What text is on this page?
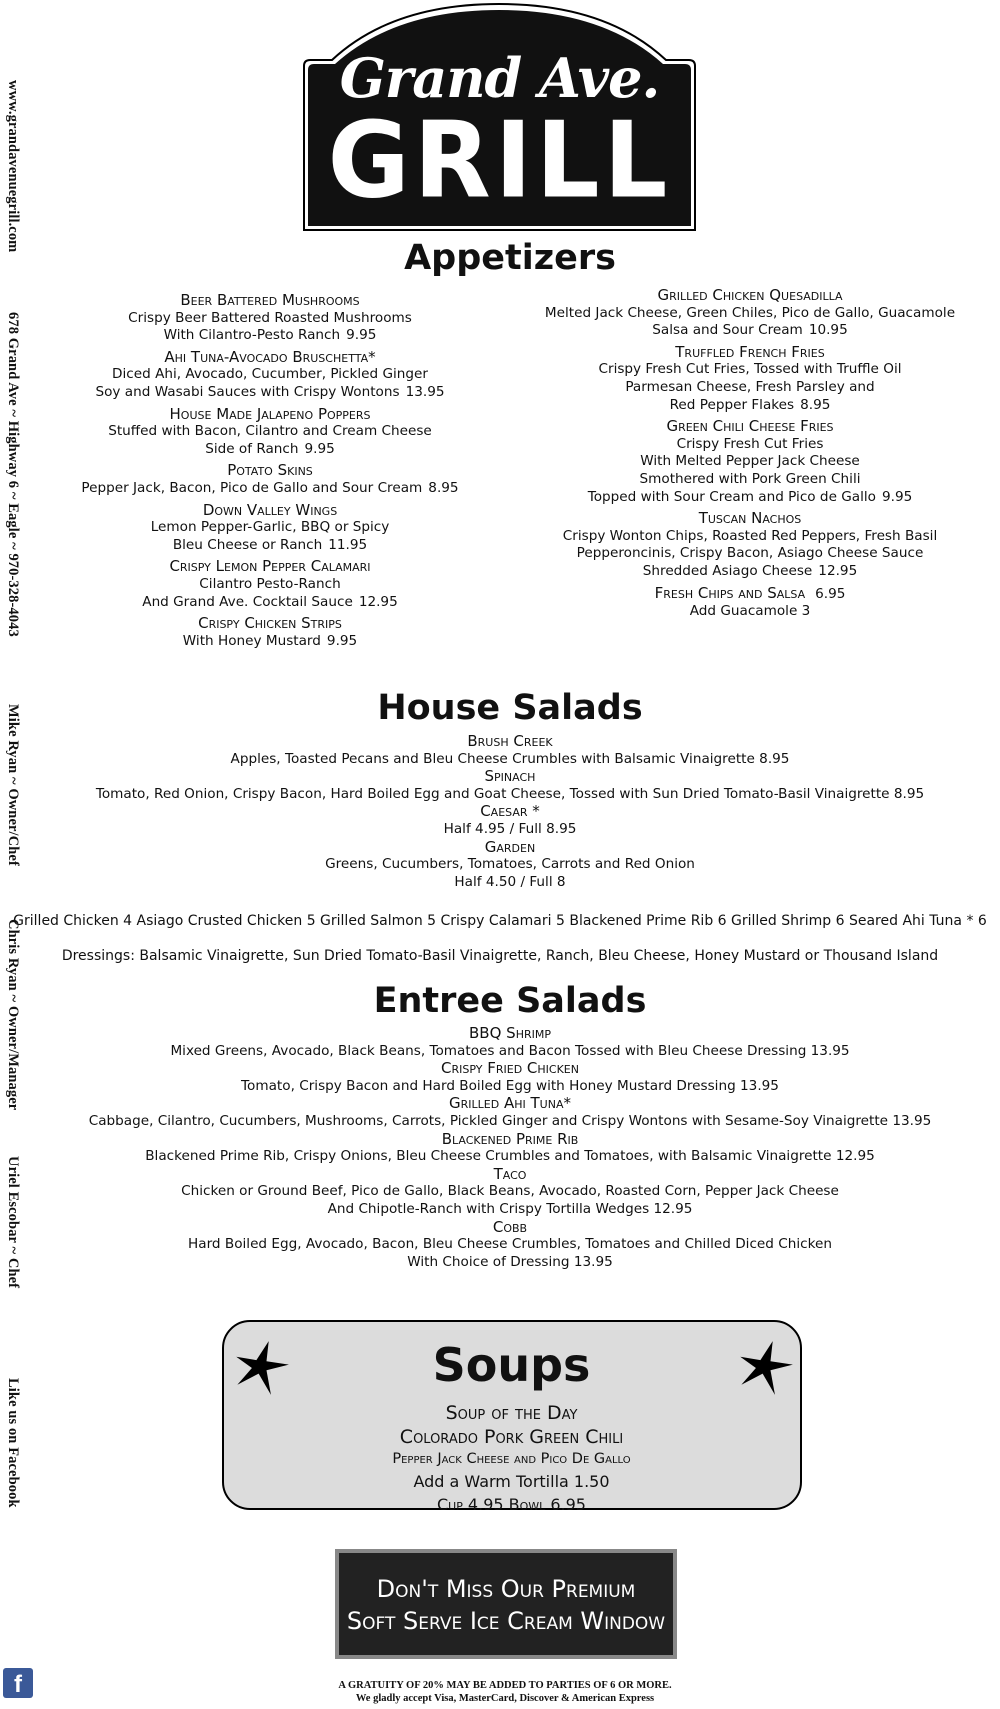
www.grandavenuegrill.com  678 Grand Ave ~ Highway 6 ~ Eagle ~ 970-328-4043  Mike Ryan ~ Owner/Chef  Chris Ryan ~ Owner/Manager  Uriel Escobar ~ Chef  Like us on Facebook
f
Grand Ave.
GRILL
Appetizers
Beer Battered Mushrooms
Crispy Beer Battered Roasted Mushrooms
With Cilantro-Pesto Ranch 9.95
Ahi Tuna-Avocado Bruschetta*
Diced Ahi, Avocado, Cucumber, Pickled Ginger
Soy and Wasabi Sauces with Crispy Wontons 13.95
House Made Jalapeno Poppers
Stuffed with Bacon, Cilantro and Cream Cheese
Side of Ranch 9.95
Potato Skins
Pepper Jack, Bacon, Pico de Gallo and Sour Cream 8.95
Down Valley Wings
Lemon Pepper-Garlic, BBQ or Spicy
Bleu Cheese or Ranch 11.95
Crispy Lemon Pepper Calamari
Cilantro Pesto-Ranch
And Grand Ave. Cocktail Sauce 12.95
Crispy Chicken Strips
With Honey Mustard 9.95
Grilled Chicken Quesadilla
Melted Jack Cheese, Green Chiles, Pico de Gallo, Guacamole
Salsa and Sour Cream 10.95
Truffled French Fries
Crispy Fresh Cut Fries, Tossed with Truffle Oil
Parmesan Cheese, Fresh Parsley and
Red Pepper Flakes 8.95
Green Chili Cheese Fries
Crispy Fresh Cut Fries
With Melted Pepper Jack Cheese
Smothered with Pork Green Chili
Topped with Sour Cream and Pico de Gallo 9.95
Tuscan Nachos
Crispy Wonton Chips, Roasted Red Peppers, Fresh Basil
Pepperoncinis, Crispy Bacon, Asiago Cheese Sauce
Shredded Asiago Cheese 12.95
Fresh Chips and Salsa 6.95
Add Guacamole 3
House Salads
Brush Creek
Apples, Toasted Pecans and Bleu Cheese Crumbles with Balsamic Vinaigrette 8.95
Spinach
Tomato, Red Onion, Crispy Bacon, Hard Boiled Egg and Goat Cheese, Tossed with Sun Dried Tomato-Basil Vinaigrette 8.95
Caesar *
Half 4.95 / Full 8.95
Garden
Greens, Cucumbers, Tomatoes, Carrots and Red Onion
Half 4.50 / Full 8
Grilled Chicken 4 Asiago Crusted Chicken 5 Grilled Salmon 5 Crispy Calamari 5 Blackened Prime Rib 6 Grilled Shrimp 6 Seared Ahi Tuna * 6
Dressings: Balsamic Vinaigrette, Sun Dried Tomato-Basil Vinaigrette, Ranch, Bleu Cheese, Honey Mustard or Thousand Island
Entree Salads
BBQ Shrimp
Mixed Greens, Avocado, Black Beans, Tomatoes and Bacon Tossed with Bleu Cheese Dressing 13.95
Crispy Fried Chicken
Tomato, Crispy Bacon and Hard Boiled Egg with Honey Mustard Dressing 13.95
Grilled Ahi Tuna*
Cabbage, Cilantro, Cucumbers, Mushrooms, Carrots, Pickled Ginger and Crispy Wontons with Sesame-Soy Vinaigrette 13.95
Blackened Prime Rib
Blackened Prime Rib, Crispy Onions, Bleu Cheese Crumbles and Tomatoes, with Balsamic Vinaigrette 12.95
Taco
Chicken or Ground Beef, Pico de Gallo, Black Beans, Avocado, Roasted Corn, Pepper Jack Cheese
And Chipotle-Ranch with Crispy Tortilla Wedges 12.95
Cobb
Hard Boiled Egg, Avocado, Bacon, Bleu Cheese Crumbles, Tomatoes and Chilled Diced Chicken
With Choice of Dressing 13.95
Soups
Soup of the Day
Colorado Pork Green Chili
Pepper Jack Cheese and Pico De Gallo
Add a Warm Tortilla 1.50
Cup 4.95 Bowl 6.95
Don't Miss Our Premium
Soft Serve Ice Cream Window
A GRATUITY OF 20% MAY BE ADDED TO PARTIES OF 6 OR MORE.
We gladly accept Visa, MasterCard, Discover & American Express
